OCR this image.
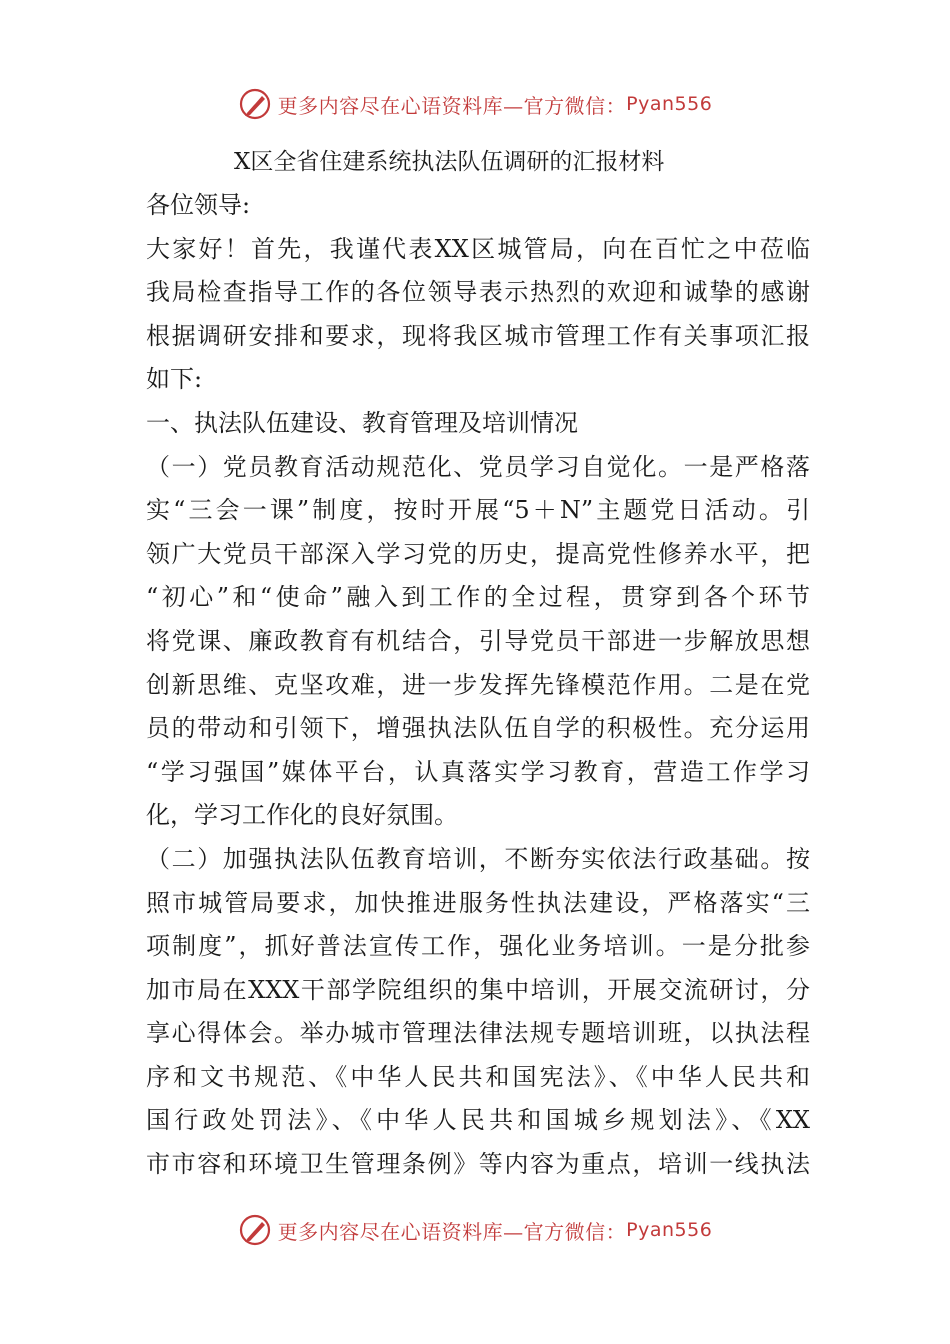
更多内容尽在心语资料库—官方微信： Pyan556
X区全省住建系统执法队伍调研的汇报材料
各位领导:
大家好！首先，我谨代表XX区城管局，向在百忙之中莅临
我局检查指导工作的各位领导表示热烈的欢迎和诚挚的感谢
根据调研安排和要求，现将我区城市管理工作有关事项汇报
如下:
一、执法队伍建设、教育管理及培训情况
（一）党员教育活动规范化、党员学习自觉化。一是严格落
实“三会一课”制度，按时开展“5＋N”主题党日活动。引
领广大党员干部深入学习党的历史，提高党性修养水平，把
“初心”和“使命”融入到工作的全过程，贯穿到各个环节
将党课、廉政教育有机结合，引导党员干部进一步解放思想
创新思维、克坚攻难，进一步发挥先锋模范作用。二是在党
员的带动和引领下，增强执法队伍自学的积极性。充分运用
“学习强国”媒体平台，认真落实学习教育，营造工作学习
化，学习工作化的良好氛围。
（二）加强执法队伍教育培训，不断夯实依法行政基础。按
照市城管局要求，加快推进服务性执法建设，严格落实“三
项制度”，抓好普法宣传工作，强化业务培训。一是分批参
加市局在XXX干部学院组织的集中培训，开展交流研讨，分
享心得体会。举办城市管理法律法规专题培训班，以执法程
序和文书规范、《中华人民共和国宪法》、《中华人民共和
国行政处罚法》、《中华人民共和国城乡规划法》、《XX
市市容和环境卫生管理条例》等内容为重点，培训一线执法
更多内容尽在心语资料库—官方微信： Pyan556
